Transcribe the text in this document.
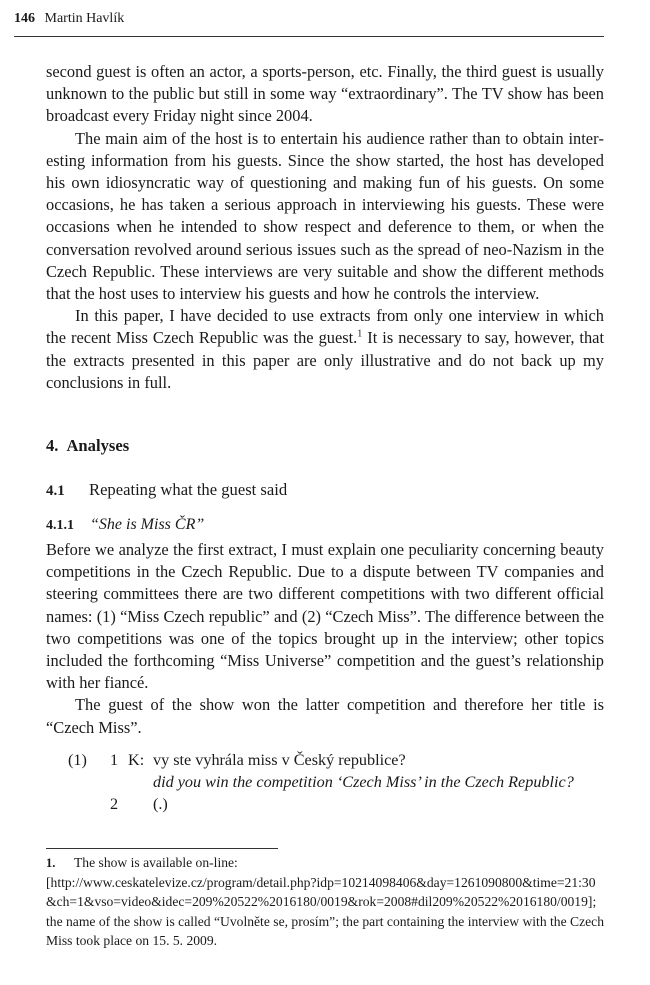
146 Martin Havlík

second guest is often an actor, a sports-person, etc. Finally, the third guest is usually unknown to the public but still in some way “extraordinary”. The TV show has been broadcast every Friday night since 2004.

The main aim of the host is to entertain his audience rather than to obtain interesting information from his guests. Since the show started, the host has developed his own idiosyncratic way of questioning and making fun of his guests. On some occasions, he has taken a serious approach in interviewing his guests. These were occasions when he intended to show respect and deference to them, or when the conversation revolved around serious issues such as the spread of neo-Nazism in the Czech Republic. These interviews are very suitable and show the different methods that the host uses to interview his guests and how he controls the interview.

In this paper, I have decided to use extracts from only one interview in which the recent Miss Czech Republic was the guest.$^1$ It is necessary to say, however, that the extracts presented in this paper are only illustrative and do not back up my conclusions in full.

4. Analyses
4.1 Repeating what the guest said
4.1.1 “She is Miss ČR”

Before we analyze the first extract, I must explain one peculiarity concerning beauty competitions in the Czech Republic. Due to a dispute between TV companies and steering committees there are two different competitions with two different official names: (1) “Miss Czech republic” and (2) “Czech Miss”. The difference between the two competitions was one of the topics brought up in the interview; other topics included the forthcoming “Miss Universe” competition and the guest’s relationship with her fiancé.

The guest of the show won the latter competition and therefore her title is “Czech Miss”.

(1) 1 K: vy ste vyhrála miss v Český republice?
did you win the competition ‘Czech Miss’ in the Czech Republic?
2 (.)

1. The show is available on-line:

[http://www.ceskatelevize.cz/program/detail.php?idp=10214098406&day=1261090800&time=21:30&ch=1&vso=video&idec=209%20522%2016180/0019&rok=2008#dil209%20522%2016180/0019]; the name of the show is called “Uvolněte se, prosím”; the part containing the interview with the Czech Miss took place on 15. 5. 2009.
